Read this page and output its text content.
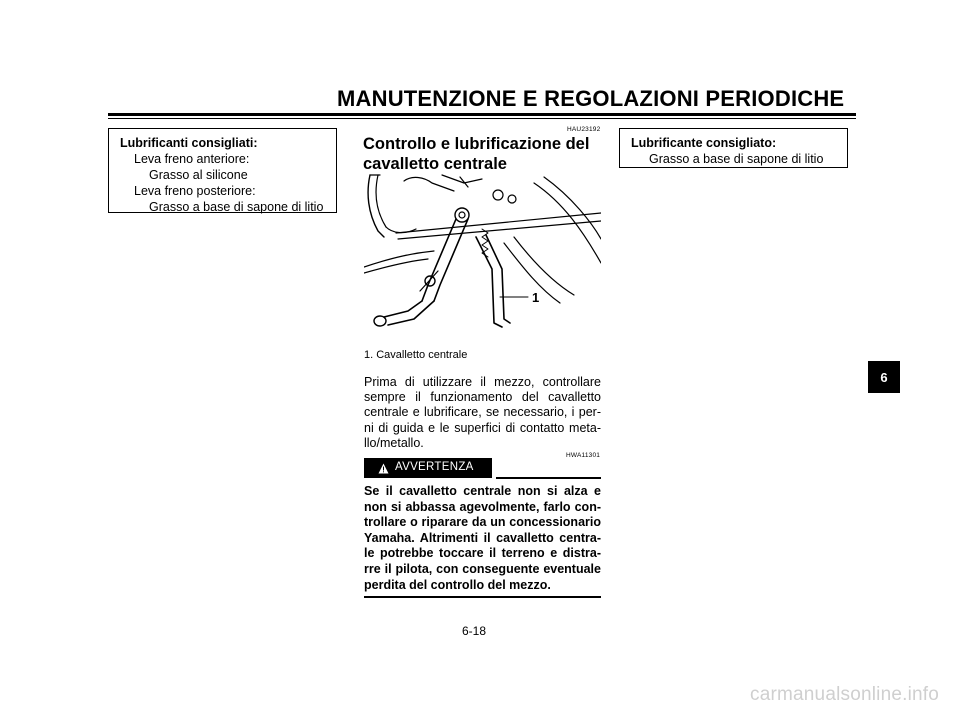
MANUTENZIONE E REGOLAZIONI PERIODICHE
Lubrificanti consigliati:
Leva freno anteriore:
Grasso al silicone
Leva freno posteriore:
Grasso a base di sapone di litio
HAU23192
Controllo e lubrificazione del
cavalletto centrale
1
1. Cavalletto centrale
Prima di utilizzare il mezzo, controllare
sempre il funzionamento del cavalletto
centrale e lubrificare, se necessario, i per-
ni di guida e le superfici di contatto meta-
llo/metallo.
HWA11301
AVVERTENZA
Se il cavalletto centrale non si alza e
non si abbassa agevolmente, farlo con-
trollare o riparare da un concessionario
Yamaha. Altrimenti il cavalletto centra-
le potrebbe toccare il terreno e distra-
rre il pilota, con conseguente eventuale
perdita del controllo del mezzo.
Lubrificante consigliato:
Grasso a base di sapone di litio
6-18
6
carmanualsonline.info
